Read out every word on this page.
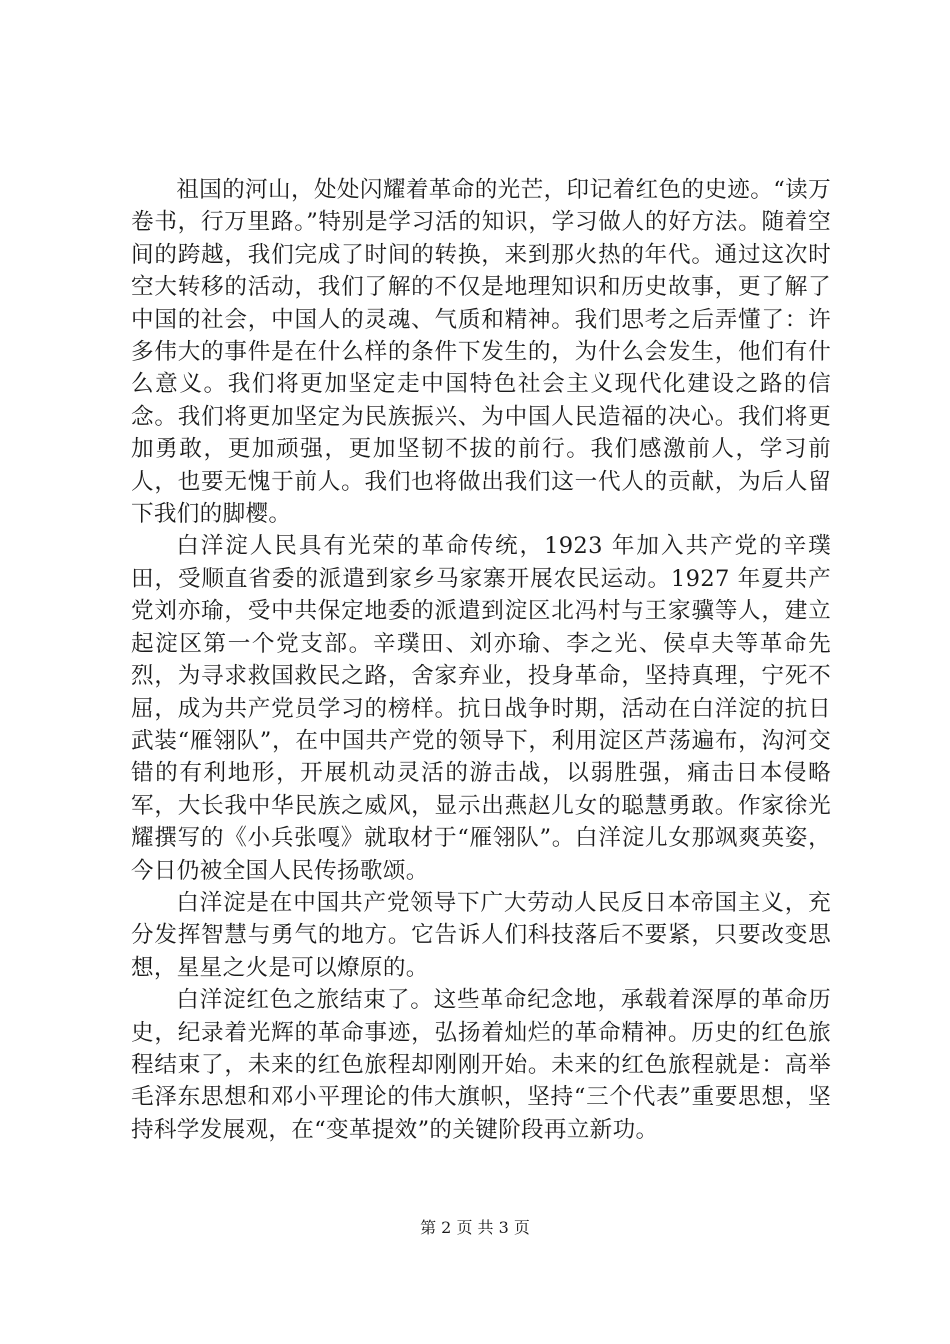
祖国的河山，处处闪耀着革命的光芒，印记着红色的史迹。“读万卷书，行万里路。”特别是学习活的知识，学习做人的好方法。随着空间的跨越，我们完成了时间的转换，来到那火热的年代。通过这次时空大转移的活动，我们了解的不仅是地理知识和历史故事，更了解了中国的社会，中国人的灵魂、气质和精神。我们思考之后弄懂了：许多伟大的事件是在什么样的条件下发生的，为什么会发生，他们有什么意义。我们将更加坚定走中国特色社会主义现代化建设之路的信念。我们将更加坚定为民族振兴、为中国人民造福的决心。我们将更加勇敢，更加顽强，更加坚韧不拔的前行。我们感激前人，学习前人，也要无愧于前人。我们也将做出我们这一代人的贡献，为后人留下我们的脚樱。

白洋淀人民具有光荣的革命传统，1923 年加入共产党的辛璞田，受顺直省委的派遣到家乡马家寨开展农民运动。1927 年夏共产党刘亦瑜，受中共保定地委的派遣到淀区北冯村与王家骥等人，建立起淀区第一个党支部。辛璞田、刘亦瑜、李之光、侯卓夫等革命先烈，为寻求救国救民之路，舍家弃业，投身革命，坚持真理，宁死不屈，成为共产党员学习的榜样。抗日战争时期，活动在白洋淀的抗日武装“雁翎队”，在中国共产党的领导下，利用淀区芦荡遍布，沟河交错的有利地形，开展机动灵活的游击战，以弱胜强，痛击日本侵略军，大长我中华民族之威风，显示出燕赵儿女的聪慧勇敢。作家徐光耀撰写的《小兵张嘎》就取材于“雁翎队”。白洋淀儿女那飒爽英姿，今日仍被全国人民传扬歌颂。

白洋淀是在中国共产党领导下广大劳动人民反日本帝国主义，充分发挥智慧与勇气的地方。它告诉人们科技落后不要紧，只要改变思想，星星之火是可以燎原的。

白洋淀红色之旅结束了。这些革命纪念地，承载着深厚的革命历史，纪录着光辉的革命事迹，弘扬着灿烂的革命精神。历史的红色旅程结束了，未来的红色旅程却刚刚开始。未来的红色旅程就是：高举毛泽东思想和邓小平理论的伟大旗帜，坚持“三个代表”重要思想，坚持科学发展观，在“变革提效”的关键阶段再立新功。

第 2 页 共 3 页
